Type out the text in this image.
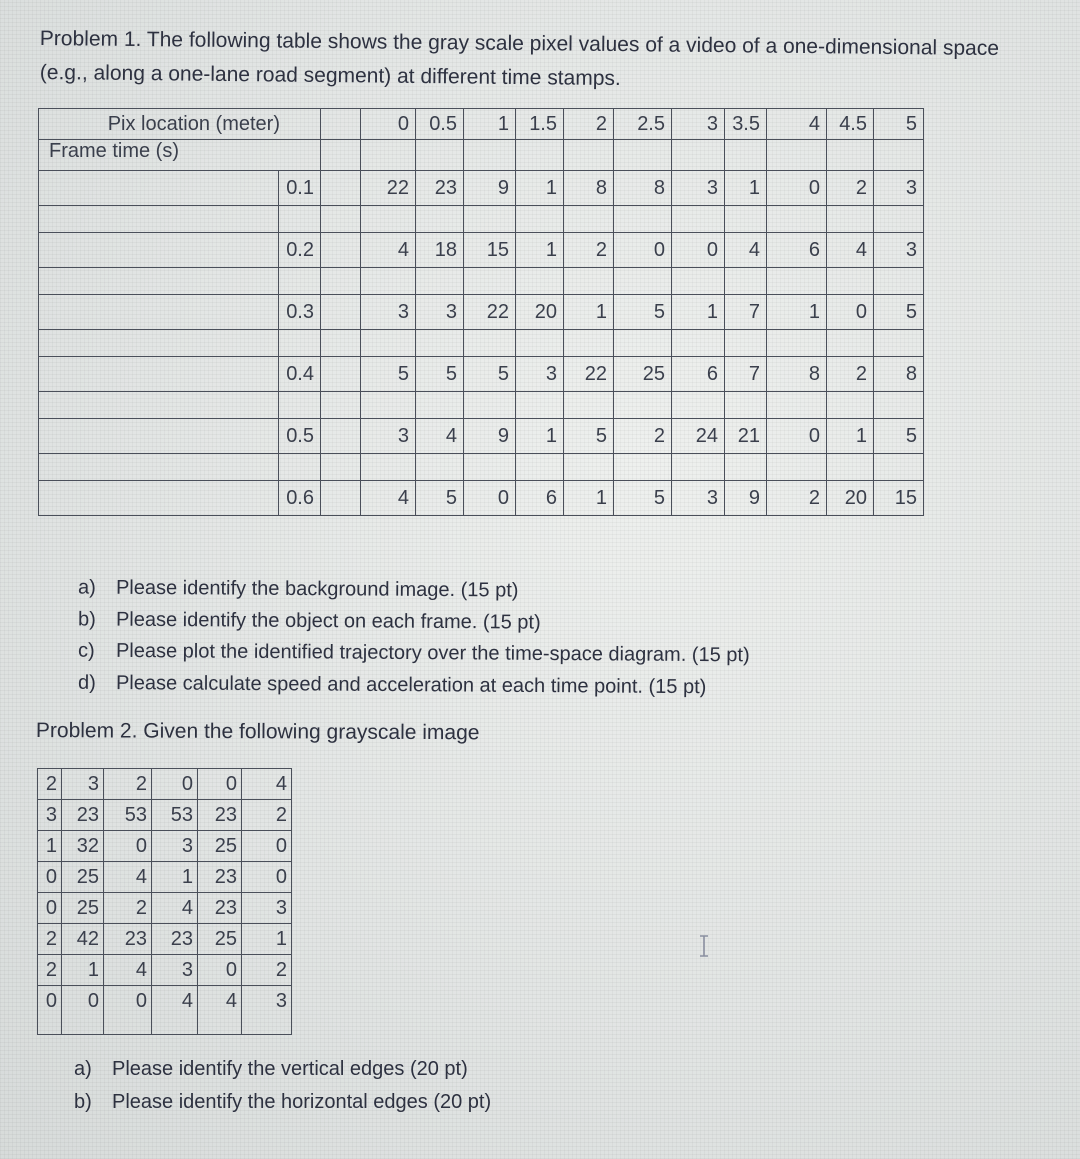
Problem 1. The following table shows the gray scale pixel values of a video of a one-dimensional space
(e.g., along a one-lane road segment) at different time stamps.
Pix location (meter)			0	0.5	1	1.5	2	2.5	3	3.5	4	4.5	5
Frame time (s)													
	0.1		22	23	9	1	8	8	3	1	0	2	3

	0.2		4	18	15	1	2	0	0	4	6	4	3

	0.3		3	3	22	20	1	5	1	7	1	0	5

	0.4		5	5	5	3	22	25	6	7	8	2	8

	0.5		3	4	9	1	5	2	24	21	0	1	5

	0.6		4	5	0	6	1	5	3	9	2	20	15
a) Please identify the background image. (15 pt)
b) Please identify the object on each frame. (15 pt)
c) Please plot the identified trajectory over the time-space diagram. (15 pt)
d) Please calculate speed and acceleration at each time point. (15 pt)
Problem 2. Given the following grayscale image
2	3	2	0	0	4
3	23	53	53	23	2
1	32	0	3	25	0
0	25	4	1	23	0
0	25	2	4	23	3
2	42	23	23	25	1
2	1	4	3	0	2
0	0	0	4	4	3
a) Please identify the vertical edges (20 pt)
b) Please identify the horizontal edges (20 pt)
